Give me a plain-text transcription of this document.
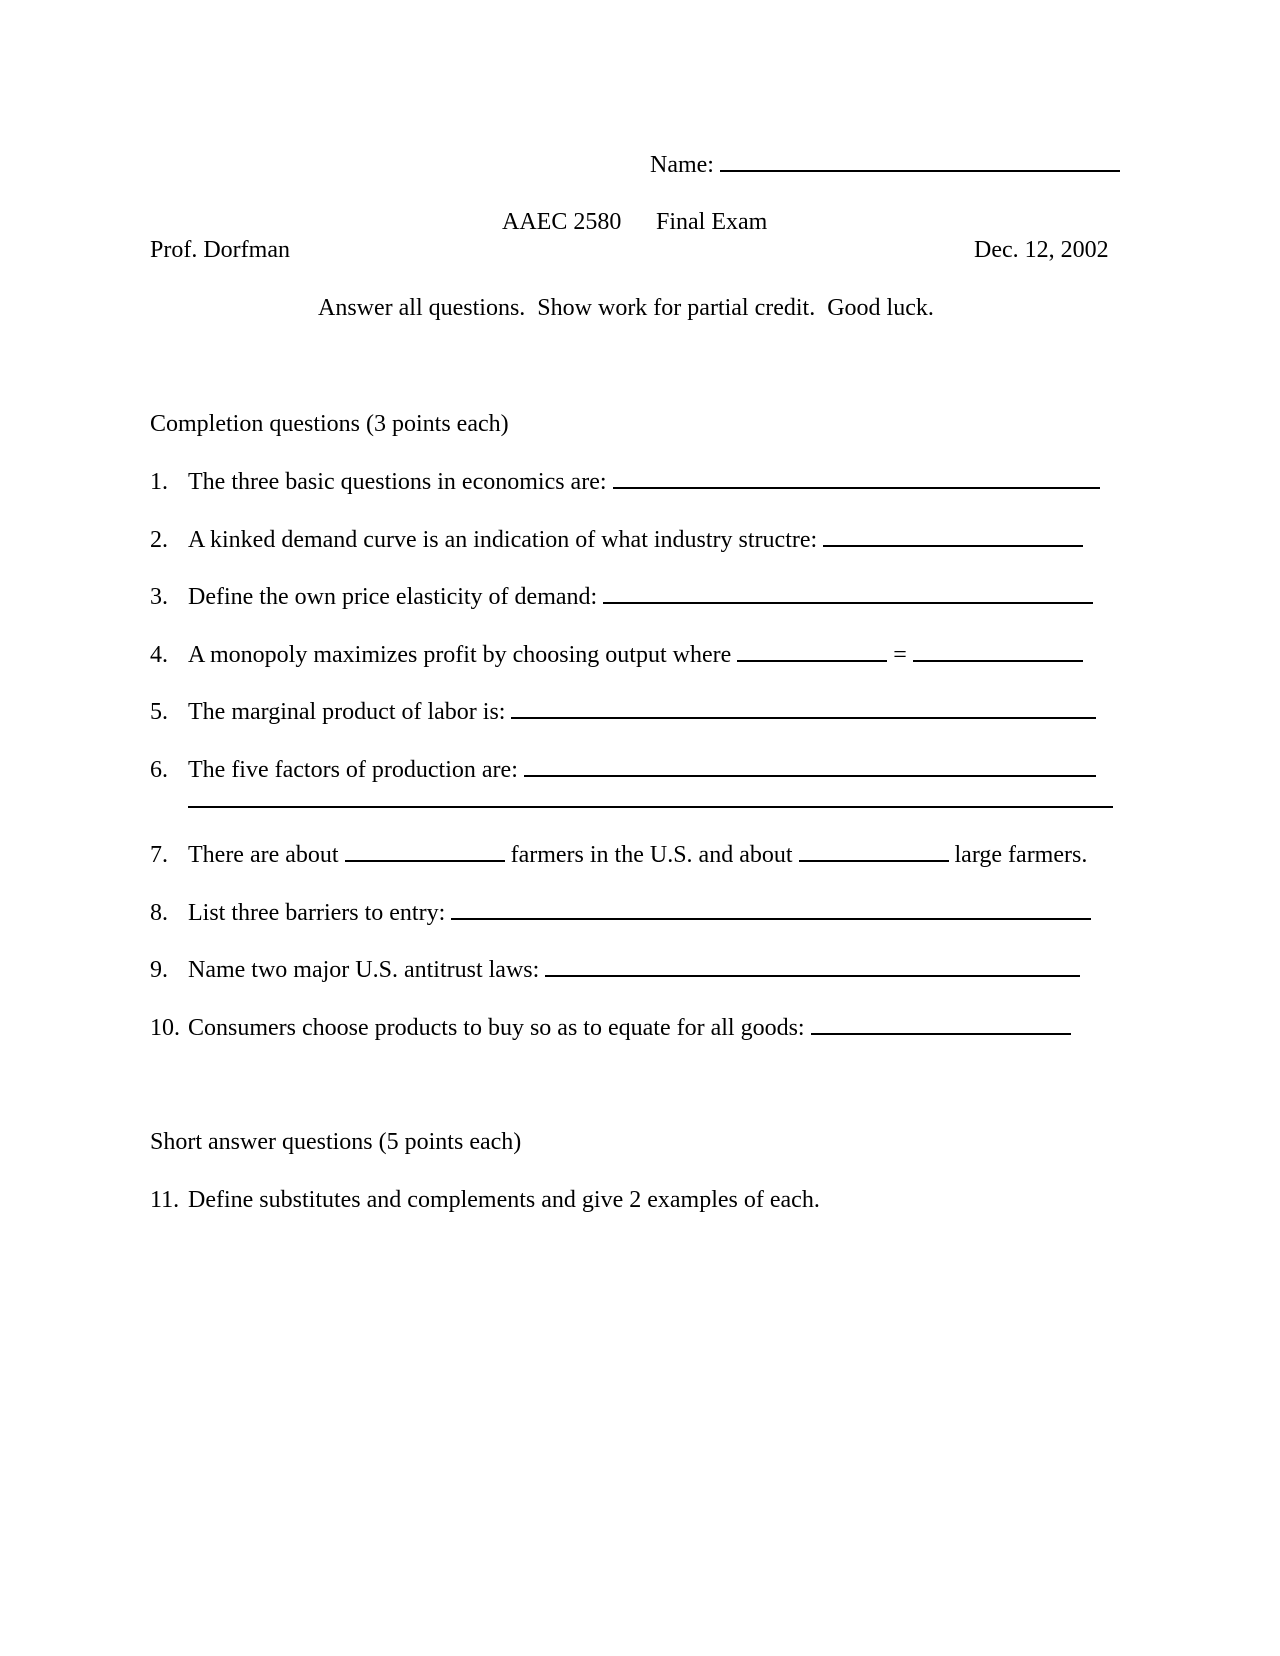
Name:
AAEC 2580 Final Exam
Prof. Dorfman	Dec. 12, 2002
Answer all questions.  Show work for partial credit.  Good luck.
Completion questions (3 points each)
1. The three basic questions in economics are:
2. A kinked demand curve is an indication of what industry structre:
3. Define the own price elasticity of demand:
4. A monopoly maximizes profit by choosing output where	=
5. The marginal product of labor is:
6. The five factors of production are:
7. There are about	farmers in the U.S. and about	large farmers.
8. List three barriers to entry:
9. Name two major U.S. antitrust laws:
10. Consumers choose products to buy so as to equate for all goods:
Short answer questions (5 points each)
11. Define substitutes and complements and give 2 examples of each.
